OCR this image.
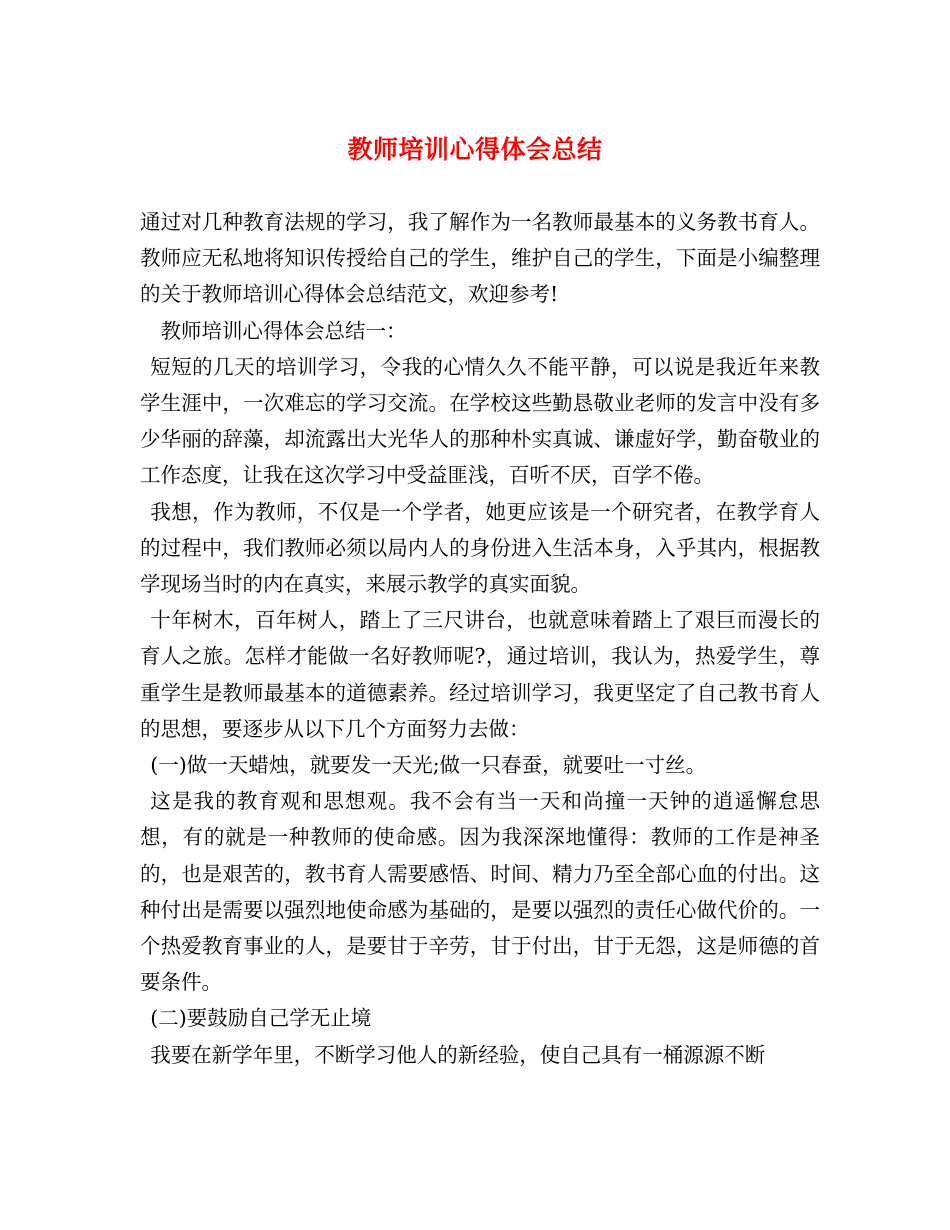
教师培训心得体会总结

通过对几种教育法规的学习，我了解作为一名教师最基本的义务教书育人。教师应无私地将知识传授给自己的学生，维护自己的学生，下面是小编整理的关于教师培训心得体会总结范文，欢迎参考!

教师培训心得体会总结一：

短短的几天的培训学习，令我的心情久久不能平静，可以说是我近年来教学生涯中，一次难忘的学习交流。在学校这些勤恳敬业老师的发言中没有多少华丽的辞藻，却流露出大光华人的那种朴实真诚、谦虚好学，勤奋敬业的工作态度，让我在这次学习中受益匪浅，百听不厌，百学不倦。

我想，作为教师，不仅是一个学者，她更应该是一个研究者，在教学育人的过程中，我们教师必须以局内人的身份进入生活本身，入乎其内，根据教学现场当时的内在真实，来展示教学的真实面貌。

十年树木，百年树人，踏上了三尺讲台，也就意味着踏上了艰巨而漫长的育人之旅。怎样才能做一名好教师呢?，通过培训，我认为，热爱学生，尊重学生是教师最基本的道德素养。经过培训学习，我更坚定了自己教书育人的思想，要逐步从以下几个方面努力去做：

(一)做一天蜡烛，就要发一天光;做一只春蚕，就要吐一寸丝。

这是我的教育观和思想观。我不会有当一天和尚撞一天钟的逍遥懈怠思想，有的就是一种教师的使命感。因为我深深地懂得：教师的工作是神圣的，也是艰苦的，教书育人需要感悟、时间、精力乃至全部心血的付出。这种付出是需要以强烈地使命感为基础的，是要以强烈的责任心做代价的。一个热爱教育事业的人，是要甘于辛劳，甘于付出，甘于无怨，这是师德的首要条件。

(二)要鼓励自己学无止境

我要在新学年里，不断学习他人的新经验，使自己具有一桶源源不断
